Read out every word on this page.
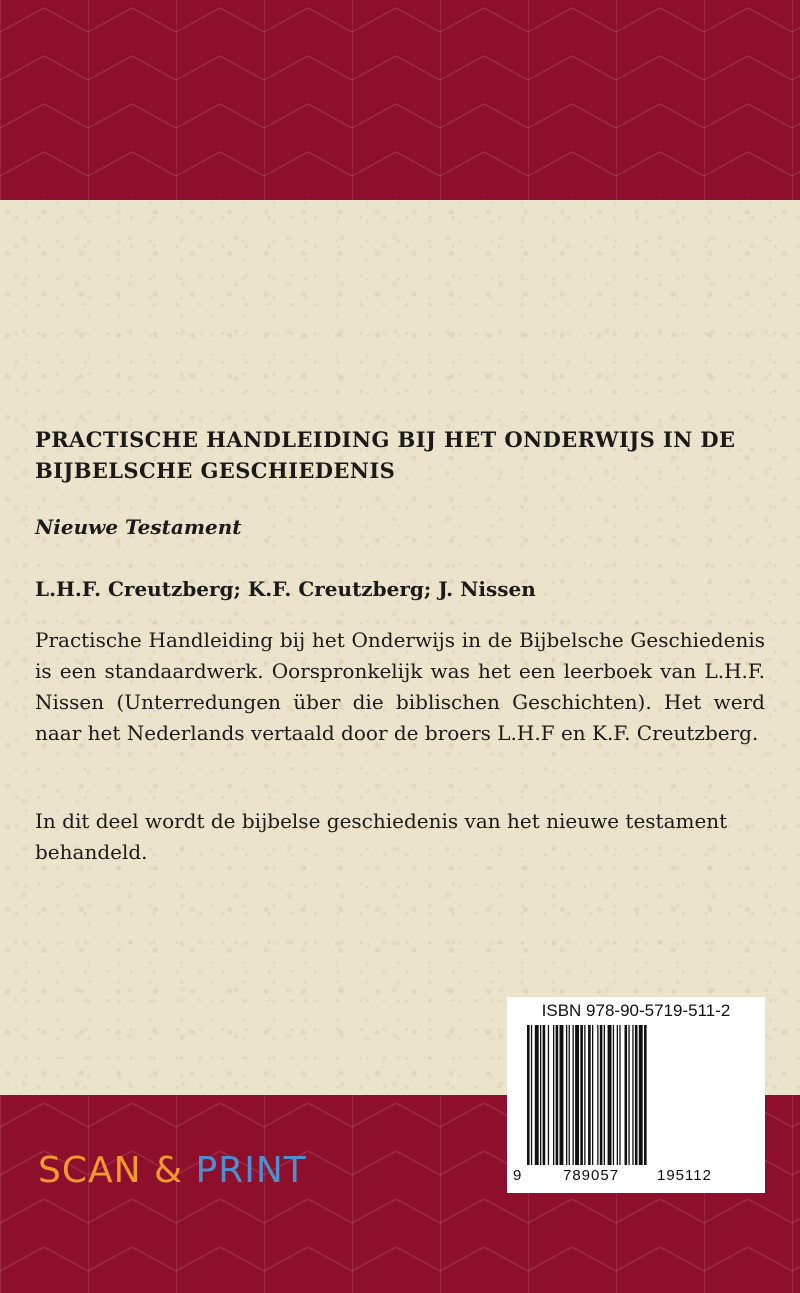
PRACTISCHE HANDLEIDING BIJ HET ONDERWIJS IN DE BIJBELSCHE GESCHIEDENIS
Nieuwe Testament
L.H.F. Creutzberg; K.F. Creutzberg; J. Nissen

Practische Handleiding bij het Onderwijs in de Bijbelsche Geschiedenis is een standaardwerk. Oorspronkelijk was het een leerboek van L.H.F. Nissen (Unterredungen über die biblischen Geschichten). Het werd naar het Nederlands vertaald door de broers L.H.F en K.F. Creutzberg.

In dit deel wordt de bijbelse geschiedenis van het nieuwe testament behandeld.

SCAN & PRINT
ISBN 978-90-5719-511-2
9	789057	195112
